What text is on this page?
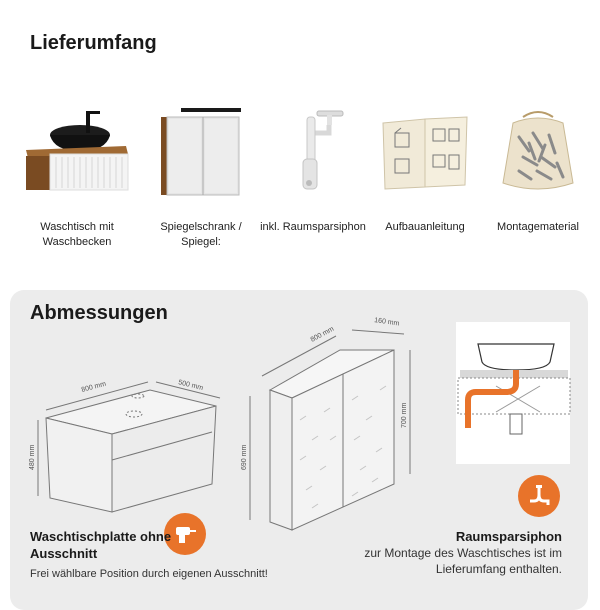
Lieferumfang
Waschtisch mit Waschbecken
Spiegelschrank / Spiegel:
inkl. Raumsparsiphon	Aufbauanleitung	Montagematerial
Abmessungen
800 mm	500 mm
480 mm
800 mm
160 mm
700 mm
690 mm
Waschtischplatte ohne Ausschnitt
Frei wählbare Position durch eigenen Ausschnitt!
Raumsparsiphon
zur Montage des Waschtisches ist im Lieferumfang enthalten.
